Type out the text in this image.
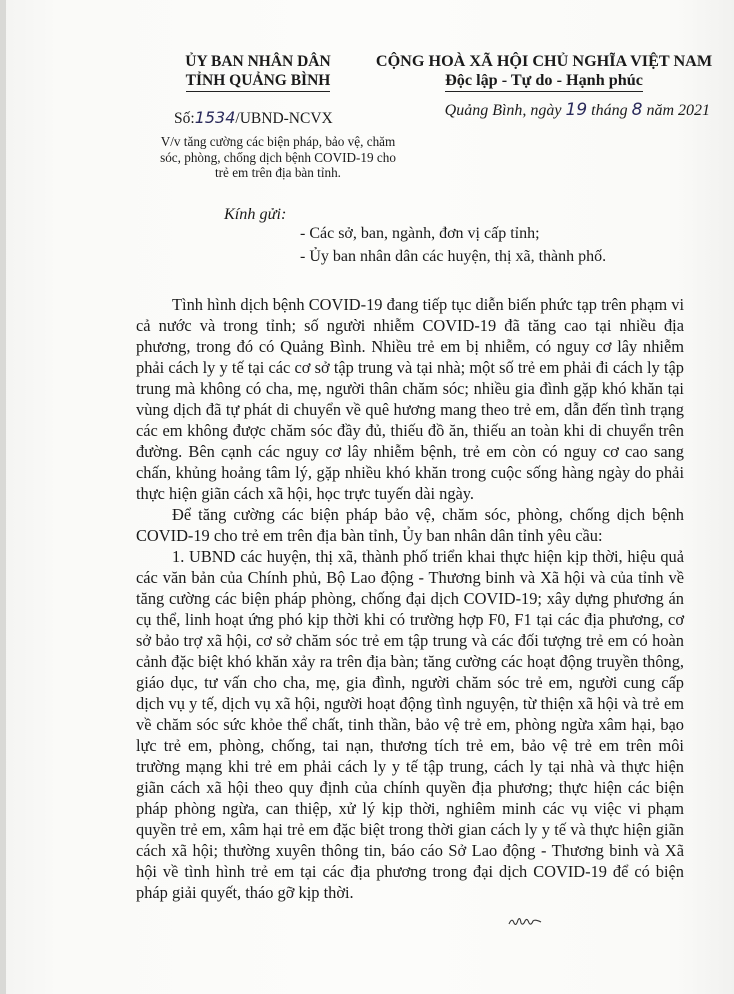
ỦY BAN NHÂN DÂN
TỈNH QUẢNG BÌNH
CỘNG HOÀ XÃ HỘI CHỦ NGHĨA VIỆT NAM
Độc lập - Tự do - Hạnh phúc
Quảng Bình, ngày 19 tháng 8 năm 2021
Số:1534/UBND-NCVX
V/v tăng cường các biện pháp, bảo vệ, chăm sóc, phòng, chống dịch bệnh COVID-19 cho trẻ em trên địa bàn tỉnh.
Kính gửi:
- Các sở, ban, ngành, đơn vị cấp tỉnh;
- Ủy ban nhân dân các huyện, thị xã, thành phố.

Tình hình dịch bệnh COVID-19 đang tiếp tục diễn biến phức tạp trên phạm vi cả nước và trong tỉnh; số người nhiễm COVID-19 đã tăng cao tại nhiều địa phương, trong đó có Quảng Bình. Nhiều trẻ em bị nhiễm, có nguy cơ lây nhiễm phải cách ly y tế tại các cơ sở tập trung và tại nhà; một số trẻ em phải đi cách ly tập trung mà không có cha, mẹ, người thân chăm sóc; nhiều gia đình gặp khó khăn tại vùng dịch đã tự phát di chuyển về quê hương mang theo trẻ em, dẫn đến tình trạng các em không được chăm sóc đầy đủ, thiếu đồ ăn, thiếu an toàn khi di chuyển trên đường. Bên cạnh các nguy cơ lây nhiễm bệnh, trẻ em còn có nguy cơ cao sang chấn, khủng hoảng tâm lý, gặp nhiều khó khăn trong cuộc sống hàng ngày do phải thực hiện giãn cách xã hội, học trực tuyến dài ngày.

Để tăng cường các biện pháp bảo vệ, chăm sóc, phòng, chống dịch bệnh COVID-19 cho trẻ em trên địa bàn tỉnh, Ủy ban nhân dân tỉnh yêu cầu:

1. UBND các huyện, thị xã, thành phố triển khai thực hiện kịp thời, hiệu quả các văn bản của Chính phủ, Bộ Lao động - Thương binh và Xã hội và của tỉnh về tăng cường các biện pháp phòng, chống đại dịch COVID-19; xây dựng phương án cụ thể, linh hoạt ứng phó kịp thời khi có trường hợp F0, F1 tại các địa phương, cơ sở bảo trợ xã hội, cơ sở chăm sóc trẻ em tập trung và các đối tượng trẻ em có hoàn cảnh đặc biệt khó khăn xảy ra trên địa bàn; tăng cường các hoạt động truyền thông, giáo dục, tư vấn cho cha, mẹ, gia đình, người chăm sóc trẻ em, người cung cấp dịch vụ y tế, dịch vụ xã hội, người hoạt động tình nguyện, từ thiện xã hội và trẻ em về chăm sóc sức khỏe thể chất, tinh thần, bảo vệ trẻ em, phòng ngừa xâm hại, bạo lực trẻ em, phòng, chống, tai nạn, thương tích trẻ em, bảo vệ trẻ em trên môi trường mạng khi trẻ em phải cách ly y tế tập trung, cách ly tại nhà và thực hiện giãn cách xã hội theo quy định của chính quyền địa phương; thực hiện các biện pháp phòng ngừa, can thiệp, xử lý kịp thời, nghiêm minh các vụ việc vi phạm quyền trẻ em, xâm hại trẻ em đặc biệt trong thời gian cách ly y tế và thực hiện giãn cách xã hội; thường xuyên thông tin, báo cáo Sở Lao động - Thương binh và Xã hội về tình hình trẻ em tại các địa phương trong đại dịch COVID-19 để có biện pháp giải quyết, tháo gỡ kịp thời.
